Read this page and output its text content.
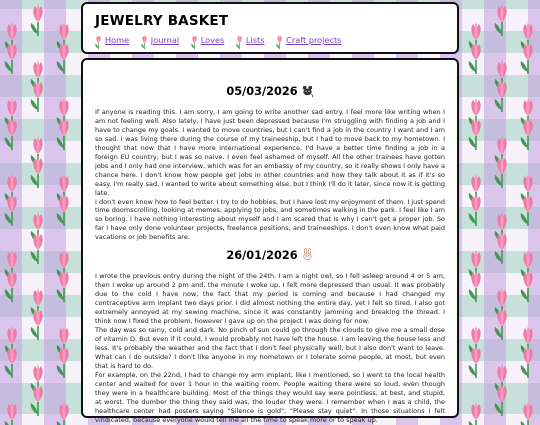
JEWELRY BASKET
Home	Journal	Loves	Lists	Craft projects
05/03/2026

If anyone is reading this. I am sorry, I am going to write another sad entry. I feel more like writing when I am not feeling well. Also lately, I have just been depressed because I'm struggling with finding a job and I have to change my goals. I wanted to move countries, but I can't find a job in the country I want and I am so sad. I was living there during the course of my traineeship, but I had to move back to my hometown. I thought that now that I have more international experience, I'd have a better time finding a job in a foreign EU country, but I was so naive. I even feel ashamed of myself. All the other trainees have gotten jobs and I only had one interview, which was for an embassy of my country, so it really shows I only have a chance here. I don't know how people get jobs in other countries and how they talk about it as if it's so easy. I'm really sad. I wanted to write about something else, but I think I'll do it later, since now it is getting late.

I don't even know how to feel better. I try to do hobbies, but I have lost my enjoyment of them. I just spend time doomscrolling, looking at memes, applying to jobs, and sometimes walking in the park. I feel like I am so boring. I have nothing interesting about myself and I am scared that is why I can't get a proper job. So far I have only done volunteer projects, freelance positions, and traineeships. I don't even know what paid vacations or job benefits are.

26/01/2026

I wrote the previous entry during the night of the 24th. I am a night owl, so I fell asleep around 4 or 5 am, then I woke up around 2 pm and, the minute I woke up, I felt more depressed than usual. It was probably due to the cold I have now, the fact that my period is coming and because I had changed my contraceptive arm implant two days prior. I did almost nothing the entire day, yet I felt so tired. I also got extremely annoyed at my sewing machine, since it was constantly jamming and breaking the thread. I think now I fixed the problem, however I gave up on the project I was doing for now.

The day was so rainy, cold and dark. No pinch of sun could go through the clouds to give me a small dose of vitamin D. But even if it could, I would probably not have left the house. I am leaving the house less and less. It's probably the weather and the fact that I don't feel physically well, but I also don't want to leave. What can I do outside? I don't like anyone in my hometown or I tolerate some people, at most, but even that is hard to do.

For example, on the 22nd, I had to change my arm implant, like I mentioned, so I went to the local health center and waited for over 1 hour in the waiting room. People waiting there were so loud, even though they were in a healthcare building. Most of the things they would say were pointless, at best, and stupid, at worst. The dumber the thing they said was, the louder they were. I remember when I was a child, the healthcare center had posters saying "Silence is gold", "Please stay quiet". In those situations I felt vindicated, because everyone would tell me all the time to speak more or to speak up.
